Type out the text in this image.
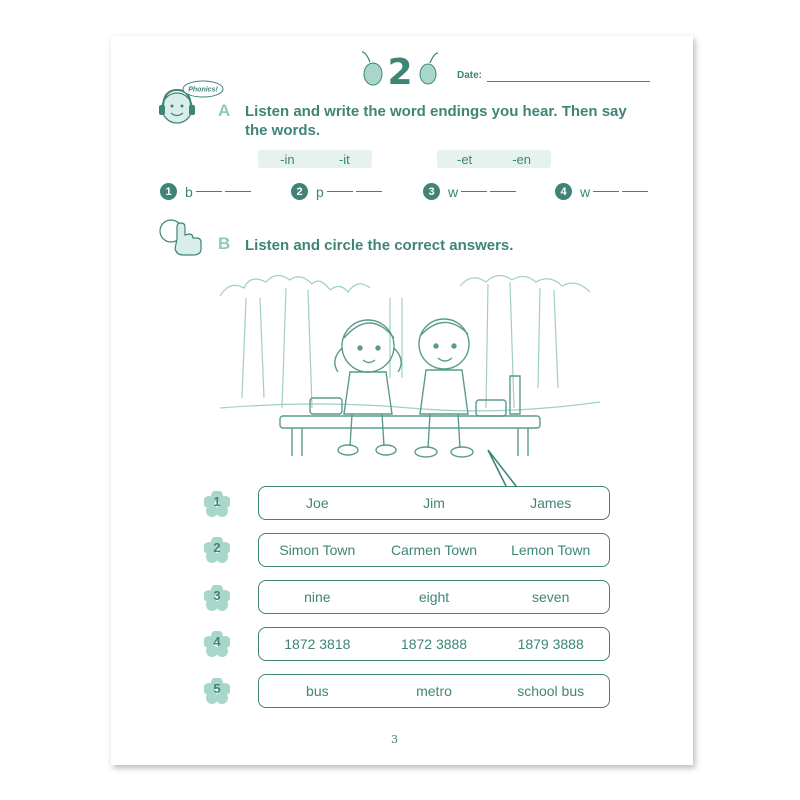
2	Date:
Phonics!
A Listen and write the word endings you hear. Then say
the words.
-in	-it	-et	-en
1 b	2 p	3 w	4 w
B Listen and circle the correct answers.
1	Joe	Jim	James
2	Simon Town	Carmen Town	Lemon Town
3	nine	eight	seven
4	1872 3818	1872 3888	1879 3888
5	bus	metro	school bus
3
